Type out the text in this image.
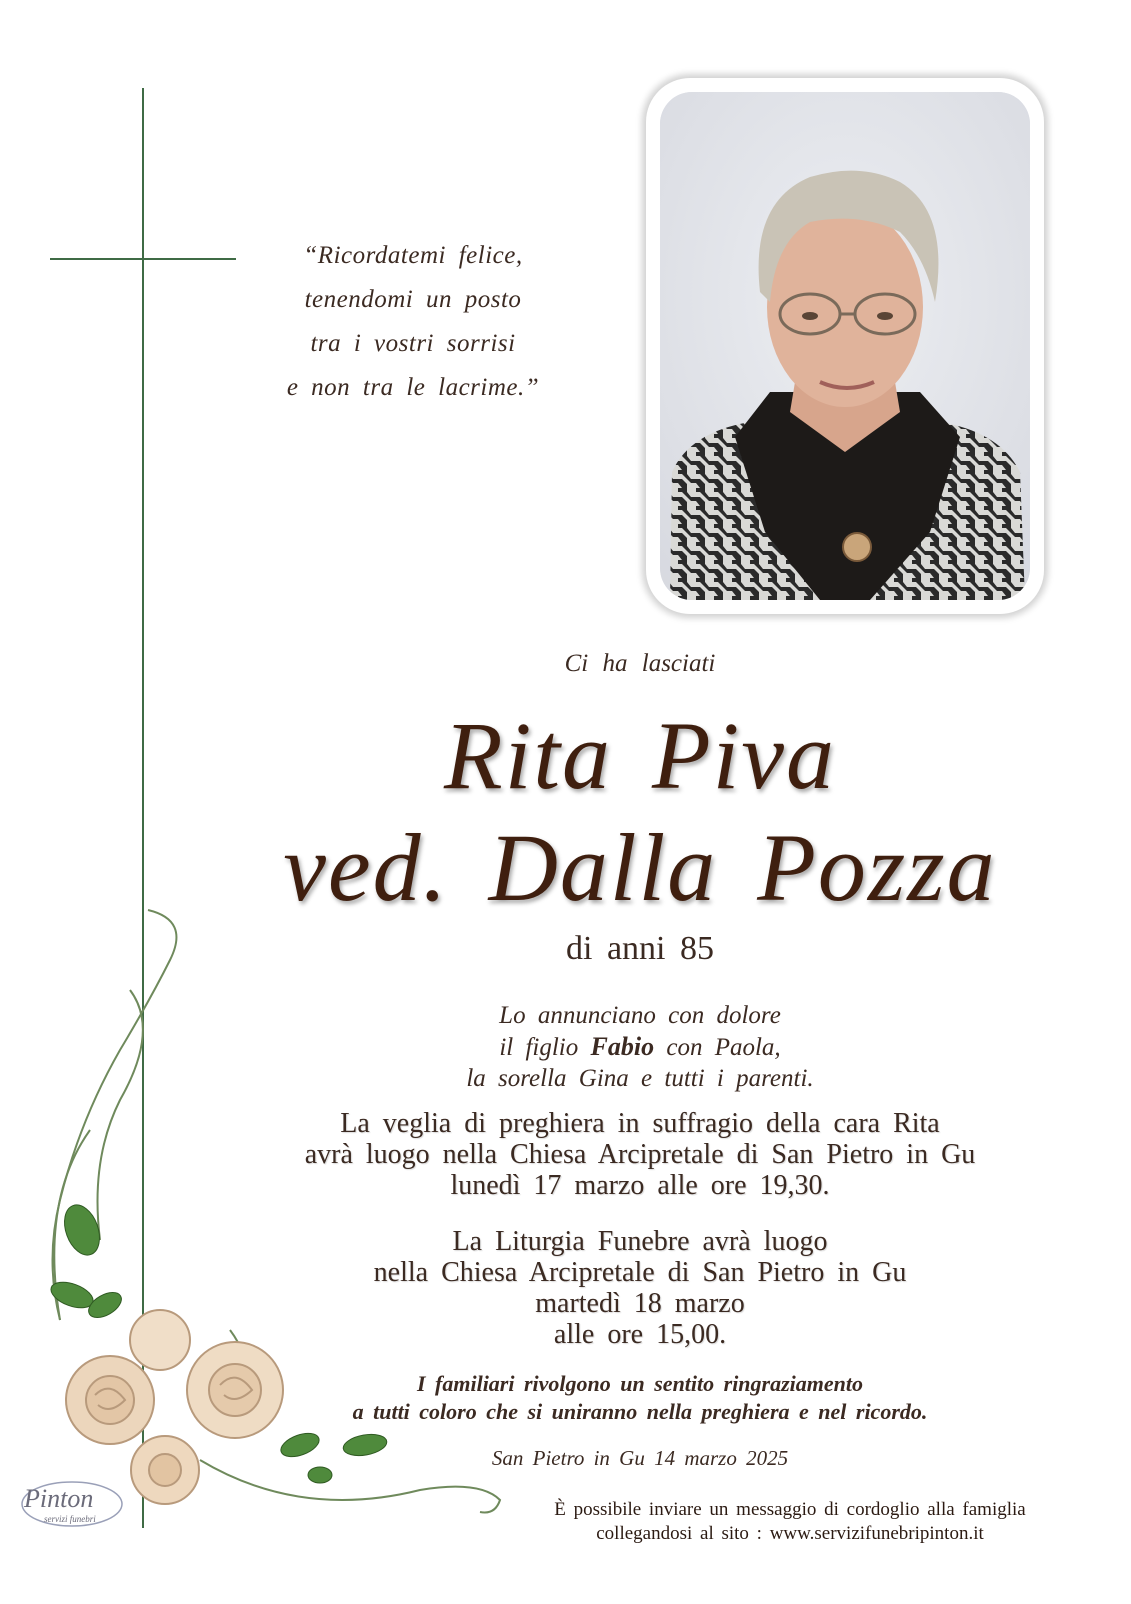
“Ricordatemi felice,
tenendomi un posto
tra i vostri sorrisi
e non tra le lacrime.”
Ci ha lasciati
Rita Piva
ved. Dalla Pozza
di anni 85
Lo annunciano con dolore
il figlio Fabio con Paola,
la sorella Gina e tutti i parenti.
La veglia di preghiera in suffragio della cara Rita
avrà luogo nella Chiesa Arcipretale di San Pietro in Gu
lunedì 17 marzo alle ore 19,30.
La Liturgia Funebre avrà luogo
nella Chiesa Arcipretale di San Pietro in Gu
martedì 18 marzo
alle ore 15,00.
I familiari rivolgono un sentito ringraziamento
a tutti coloro che si uniranno nella preghiera e nel ricordo.
San Pietro in Gu 14 marzo 2025
Pinton
servizi funebri	È possibile inviare un messaggio di cordoglio alla famiglia
collegandosi al sito : www.servizifunebripinton.it
